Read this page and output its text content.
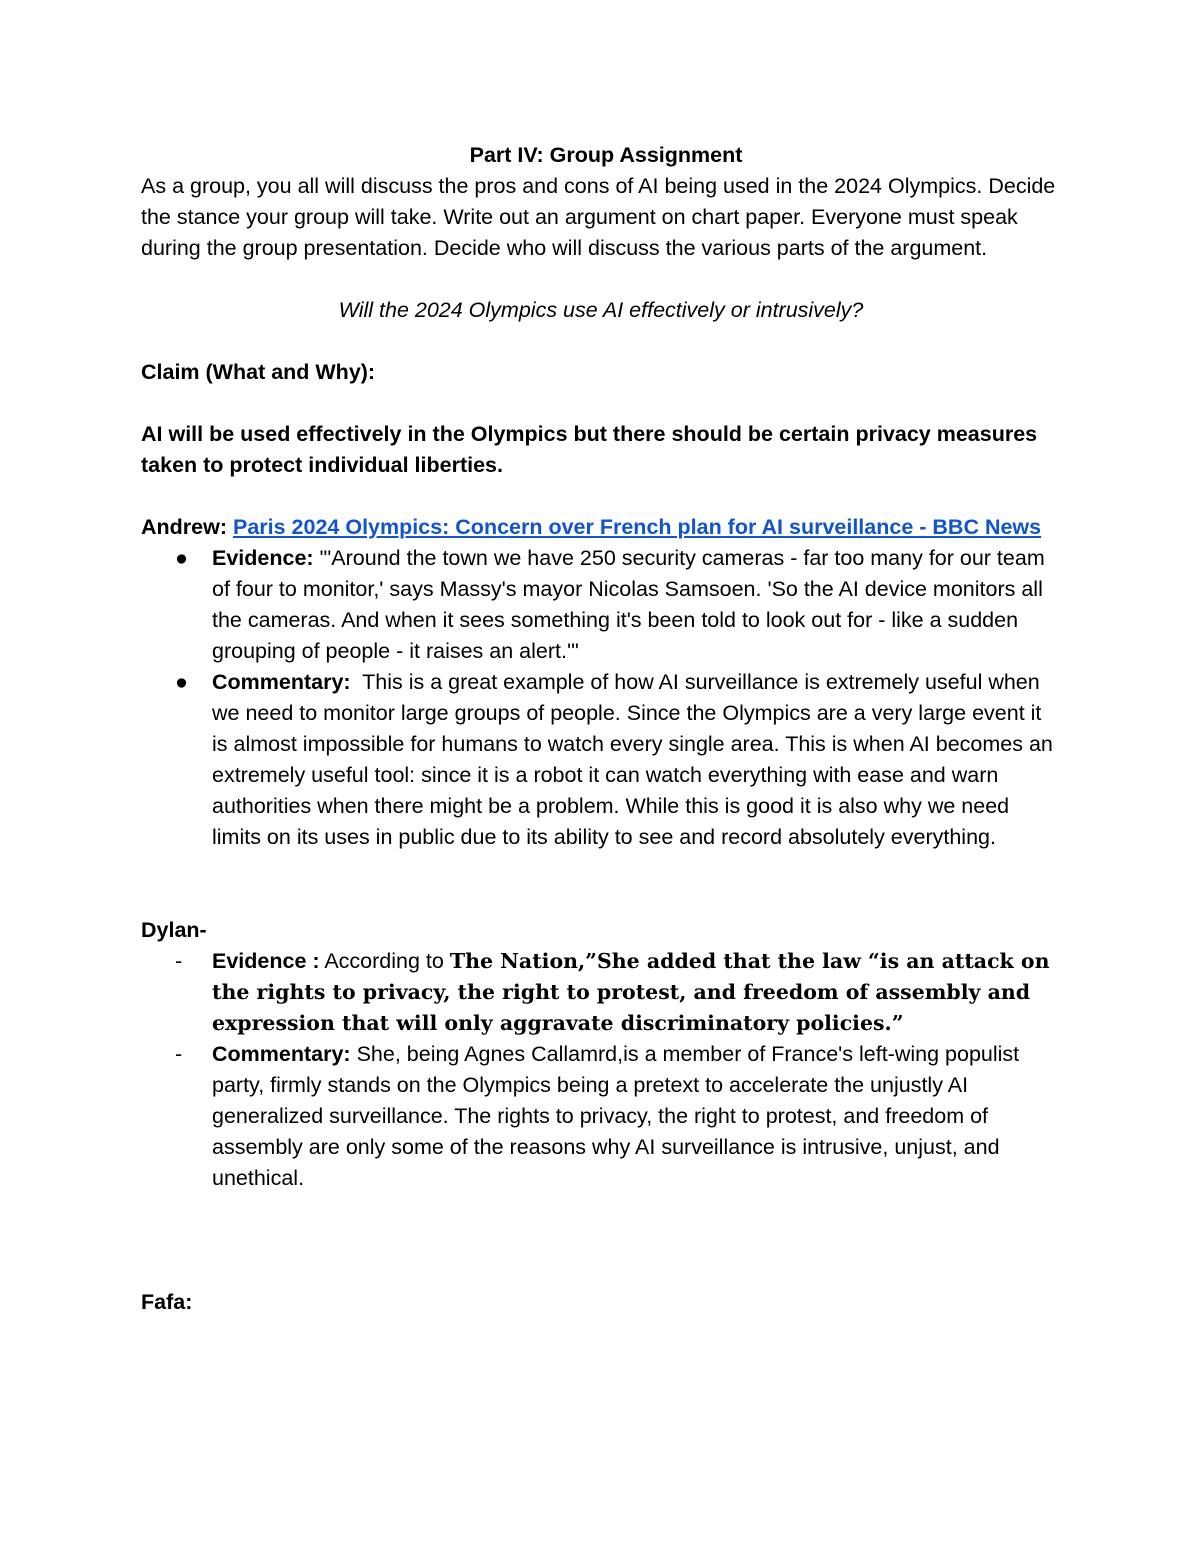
Part IV: Group Assignment

As a group, you all will discuss the pros and cons of AI being used in the 2024 Olympics. Decide the stance your group will take. Write out an argument on chart paper. Everyone must speak during the group presentation. Decide who will discuss the various parts of the argument.

Will the 2024 Olympics use AI effectively or intrusively?

Claim (What and Why):

AI will be used effectively in the Olympics but there should be certain privacy measures taken to protect individual liberties.

Andrew: Paris 2024 Olympics: Concern over French plan for AI surveillance - BBC News

●	Evidence: "'Around the town we have 250 security cameras - far too many for our team of four to monitor,' says Massy's mayor Nicolas Samsoen. 'So the AI device monitors all the cameras. And when it sees something it's been told to look out for - like a sudden grouping of people - it raises an alert.'"
●	Commentary: This is a great example of how AI surveillance is extremely useful when we need to monitor large groups of people. Since the Olympics are a very large event it is almost impossible for humans to watch every single area. This is when AI becomes an extremely useful tool: since it is a robot it can watch everything with ease and warn authorities when there might be a problem. While this is good it is also why we need limits on its uses in public due to its ability to see and record absolutely everything.

Dylan-

-	Evidence : According to The Nation,”She added that the law “is an attack on the rights to privacy, the right to protest, and freedom of assembly and expression that will only aggravate discriminatory policies.”
-	Commentary: She, being Agnes Callamrd,is a member of France's left-wing populist party, firmly stands on the Olympics being a pretext to accelerate the unjustly AI generalized surveillance. The rights to privacy, the right to protest, and freedom of assembly are only some of the reasons why AI surveillance is intrusive, unjust, and unethical.

Fafa:
